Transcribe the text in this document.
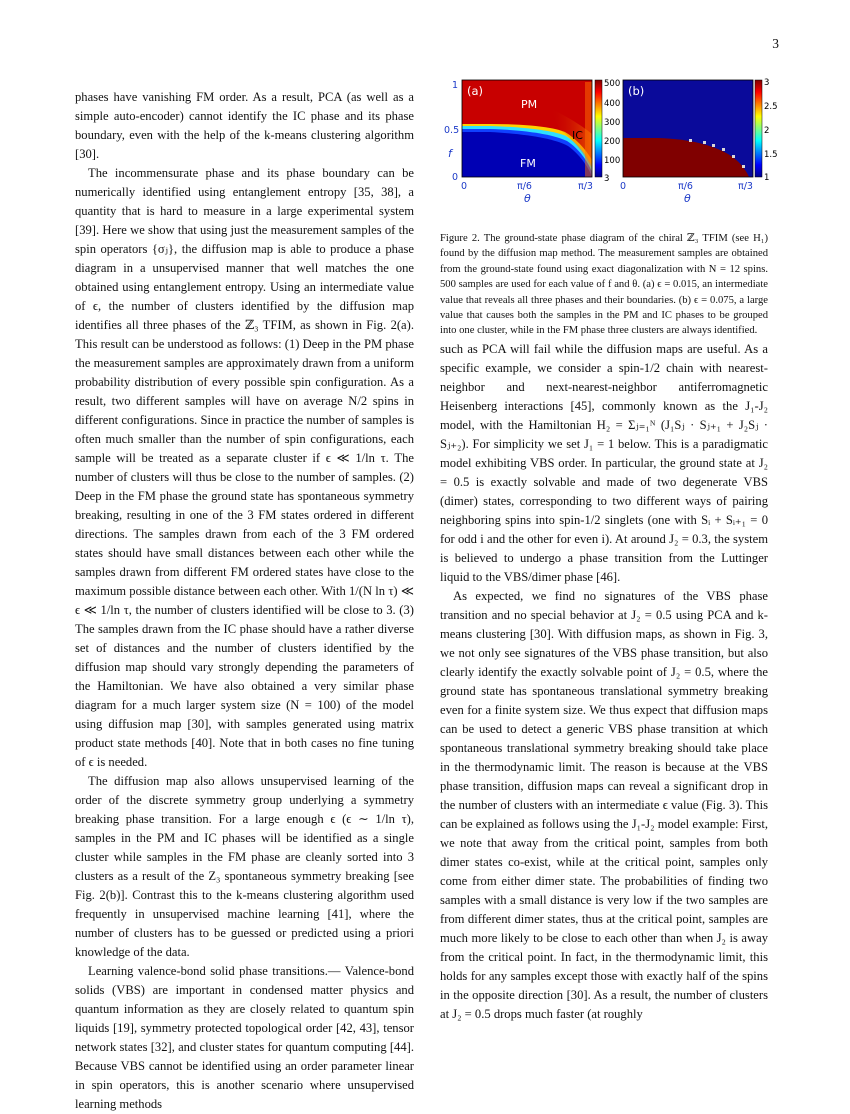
3
(a)
PM
IC
FM
1
0.5
0
f
0	π/6	π/3
θ
500
400
300
200
100
3
(b)
0	π/6	π/3
θ
3
2.5
2
1.5
1

Figure 2. The ground-state phase diagram of the chiral ℤ₃ TFIM (see H₁) found by the diffusion map method. The measurement samples are obtained from the ground-state found using exact diagonalization with N = 12 spins. 500 samples are used for each value of f and θ. (a) ϵ = 0.015, an intermediate value that reveals all three phases and their boundaries. (b) ϵ = 0.075, a large value that causes both the samples in the PM and IC phases to be grouped into one cluster, while in the FM phase three clusters are always identified.

phases have vanishing FM order. As a result, PCA (as well as a simple auto-encoder) cannot identify the IC phase and its phase boundary, even with the help of the k-means clustering algorithm [30].

The incommensurate phase and its phase boundary can be numerically identified using entanglement entropy [35, 38], a quantity that is hard to measure in a large experimental system [39]. Here we show that using just the measurement samples of the spin operators {σⱼ}, the diffusion map is able to produce a phase diagram in a unsupervised manner that well matches the one obtained using entanglement entropy. Using an intermediate value of ϵ, the number of clusters identified by the diffusion map identifies all three phases of the ℤ₃ TFIM, as shown in Fig. 2(a). This result can be understood as follows: (1) Deep in the PM phase the measurement samples are approximately drawn from a uniform probability distribution of every possible spin configuration. As a result, two different samples will have on average N/2 spins in different configurations. Since in practice the number of samples is often much smaller than the number of spin configurations, each sample will be treated as a separate cluster if ϵ ≪ 1/ln τ. The number of clusters will thus be close to the number of samples. (2) Deep in the FM phase the ground state has spontaneous symmetry breaking, resulting in one of the 3 FM states ordered in different directions. The samples drawn from each of the 3 FM ordered states should have small distances between each other while the samples drawn from different FM ordered states have close to the maximum possible distance between each other. With 1/(N ln τ) ≪ ϵ ≪ 1/ln τ, the number of clusters identified will be close to 3. (3) The samples drawn from the IC phase should have a rather diverse set of distances and the number of clusters identified by the diffusion map should vary strongly depending the parameters of the Hamiltonian. We have also obtained a very similar phase diagram for a much larger system size (N = 100) of the model using diffusion map [30], with samples generated using matrix product state methods [40]. Note that in both cases no fine tuning of ϵ is needed.

The diffusion map also allows unsupervised learning of the order of the discrete symmetry group underlying a symmetry breaking phase transition. For a large enough ϵ (ϵ ∼ 1/ln τ), samples in the PM and IC phases will be identified as a single cluster while samples in the FM phase are cleanly sorted into 3 clusters as a result of the Z₃ spontaneous symmetry breaking [see Fig. 2(b)]. Contrast this to the k-means clustering algorithm used frequently in unsupervised machine learning [41], where the number of clusters has to be guessed or predicted using a priori knowledge of the data.

Learning valence-bond solid phase transitions.— Valence-bond solids (VBS) are important in condensed matter physics and quantum information as they are closely related to quantum spin liquids [19], symmetry protected topological order [42, 43], tensor network states [32], and cluster states for quantum computing [44]. Because VBS cannot be identified using an order parameter linear in spin operators, this is another scenario where unsupervised learning methods

such as PCA will fail while the diffusion maps are useful. As a specific example, we consider a spin-1/2 chain with nearest-neighbor and next-nearest-neighbor antiferromagnetic Heisenberg interactions [45], commonly known as the J₁-J₂ model, with the Hamiltonian H₂ = Σⱼ₌₁ᴺ (J₁Sⱼ · Sⱼ₊₁ + J₂Sⱼ · Sⱼ₊₂). For simplicity we set J₁ = 1 below. This is a paradigmatic model exhibiting VBS order. In particular, the ground state at J₂ = 0.5 is exactly solvable and made of two degenerate VBS (dimer) states, corresponding to two different ways of pairing neighboring spins into spin-1/2 singlets (one with Sᵢ + Sᵢ₊₁ = 0 for odd i and the other for even i). At around J₂ = 0.3, the system is believed to undergo a phase transition from the Luttinger liquid to the VBS/dimer phase [46].

As expected, we find no signatures of the VBS phase transition and no special behavior at J₂ = 0.5 using PCA and k-means clustering [30]. With diffusion maps, as shown in Fig. 3, we not only see signatures of the VBS phase transition, but also clearly identify the exactly solvable point of J₂ = 0.5, where the ground state has spontaneous translational symmetry breaking even for a finite system size. We thus expect that diffusion maps can be used to detect a generic VBS phase transition at which spontaneous translational symmetry breaking should take place in the thermodynamic limit. The reason is because at the VBS phase transition, diffusion maps can reveal a significant drop in the number of clusters with an intermediate ϵ value (Fig. 3). This can be explained as follows using the J₁-J₂ model example: First, we note that away from the critical point, samples from both dimer states co-exist, while at the critical point, samples only come from either dimer state. The probabilities of finding two samples with a small distance is very low if the two samples are from different dimer states, thus at the critical point, samples are much more likely to be close to each other than when J₂ is away from the critical point. In fact, in the thermodynamic limit, this holds for any samples except those with exactly half of the spins in the opposite direction [30]. As a result, the number of clusters at J₂ = 0.5 drops much faster (at roughly
